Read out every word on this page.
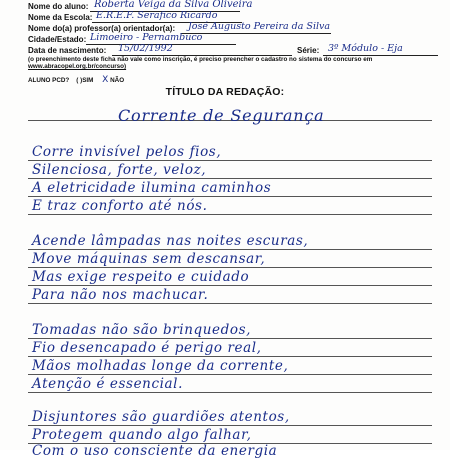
Nome do aluno: Roberta Veiga da Silva Oliveira
Nome da Escola: E.R.E.F. Serafico Ricardo
Nome do(a) professor(a) orientador(a): José Augusto Pereira da Silva
Cidade/Estado: Limoeiro - Pernambuco
Data de nascimento: 15/02/1992	Série: 3º Módulo - Eja
(o preenchimento deste ficha não vale como inscrição, é preciso preencher o cadastro no sistema do concurso em
www.abracopel.org.br/concurso)
ALUNO PCD? ( )SIM X NÃO
TÍTULO DA REDAÇÃO:
Corrente de Segurança
Corre invisível pelos fios,
Silenciosa, forte, veloz,
A eletricidade ilumina caminhos
E traz conforto até nós.
Acende lâmpadas nas noites escuras,
Move máquinas sem descansar,
Mas exige respeito e cuidado
Para não nos machucar.
Tomadas não são brinquedos,
Fio desencapado é perigo real,
Mãos molhadas longe da corrente,
Atenção é essencial.
Disjuntores são guardiões atentos,
Protegem quando algo falhar,
Com o uso consciente da energia
